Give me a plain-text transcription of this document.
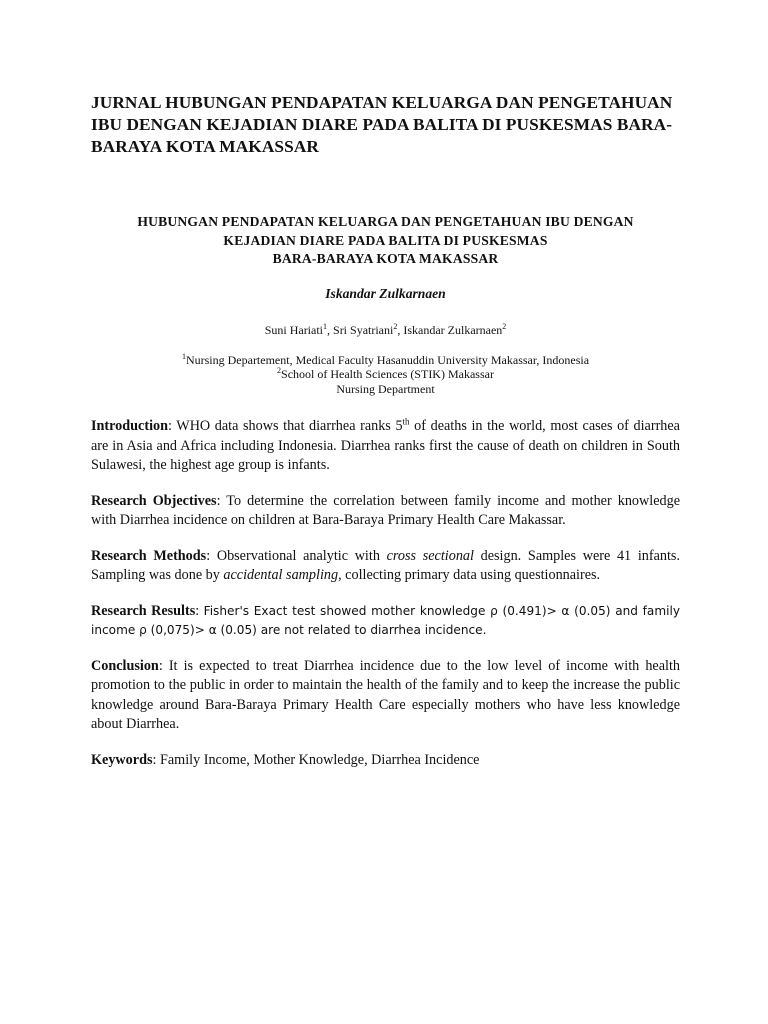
JURNAL HUBUNGAN PENDAPATAN KELUARGA DAN PENGETAHUAN IBU DENGAN KEJADIAN DIARE PADA BALITA DI PUSKESMAS BARA-BARAYA KOTA MAKASSAR
HUBUNGAN PENDAPATAN KELUARGA DAN PENGETAHUAN IBU DENGAN
KEJADIAN DIARE PADA BALITA DI PUSKESMAS
BARA-BARAYA KOTA MAKASSAR
Iskandar Zulkarnaen
Suni Hariati$^1$, Sri Syatriani$^2$, Iskandar Zulkarnaen$^2$
$^1$Nursing Departement, Medical Faculty Hasanuddin University Makassar, Indonesia
$^2$School of Health Sciences (STIK) Makassar
Nursing Department

Introduction: WHO data shows that diarrhea ranks 5th of deaths in the world, most cases of diarrhea are in Asia and Africa including Indonesia. Diarrhea ranks first the cause of death on children in South Sulawesi, the highest age group is infants.

Research Objectives: To determine the correlation between family income and mother knowledge with Diarrhea incidence on children at Bara-Baraya Primary Health Care Makassar.

Research Methods: Observational analytic with cross sectional design. Samples were 41 infants. Sampling was done by accidental sampling, collecting primary data using questionnaires.

Research Results: Fisher's Exact test showed mother knowledge ρ (0.491)> α (0.05) and family income ρ (0,075)> α (0.05) are not related to diarrhea incidence.

Conclusion: It is expected to treat Diarrhea incidence due to the low level of income with health promotion to the public in order to maintain the health of the family and to keep the increase the public knowledge around Bara-Baraya Primary Health Care especially mothers who have less knowledge about Diarrhea.

Keywords: Family Income, Mother Knowledge, Diarrhea Incidence
